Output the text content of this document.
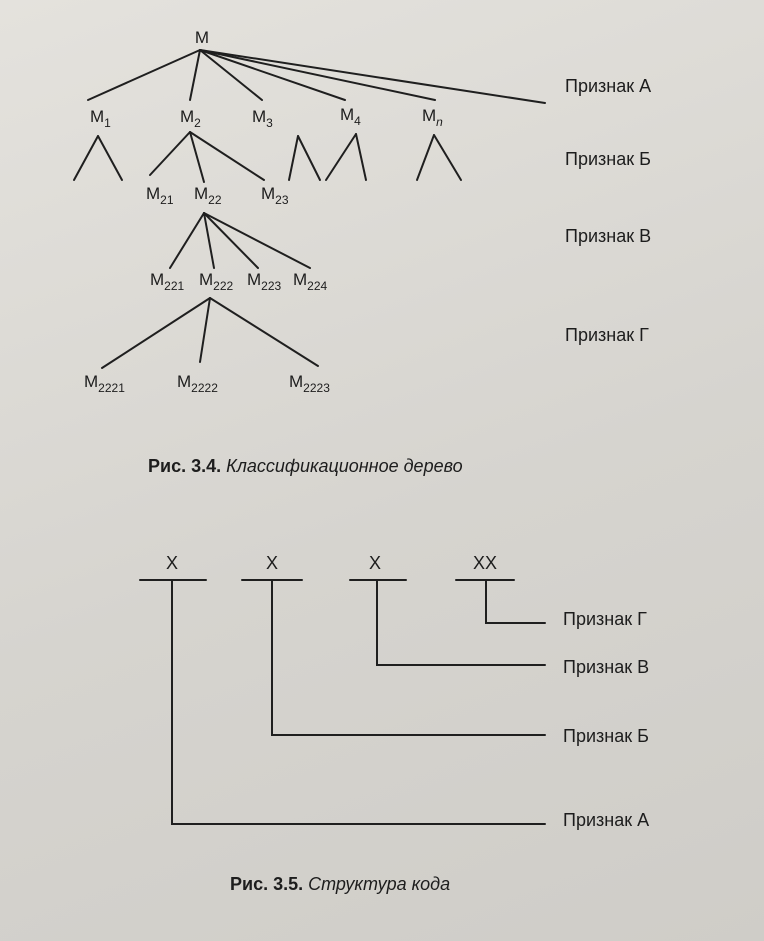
M
$M_1$	$M_2$	$M_3$	$M_4$	$M_n$
$M_{21}$ $M_{22}$ $M_{23}$
$M_{221}$ $M_{222}$ $M_{223}$ $M_{224}$
$M_{2221}$	$M_{2222}$	$M_{2223}$
Признак А
Признак Б
Признак В
Признак Г
X	X	X	XX
Признак Г
Признак В
Признак Б
Признак А
Рис. 3.4. Классификационное дерево
Рис. 3.5. Структура кода
